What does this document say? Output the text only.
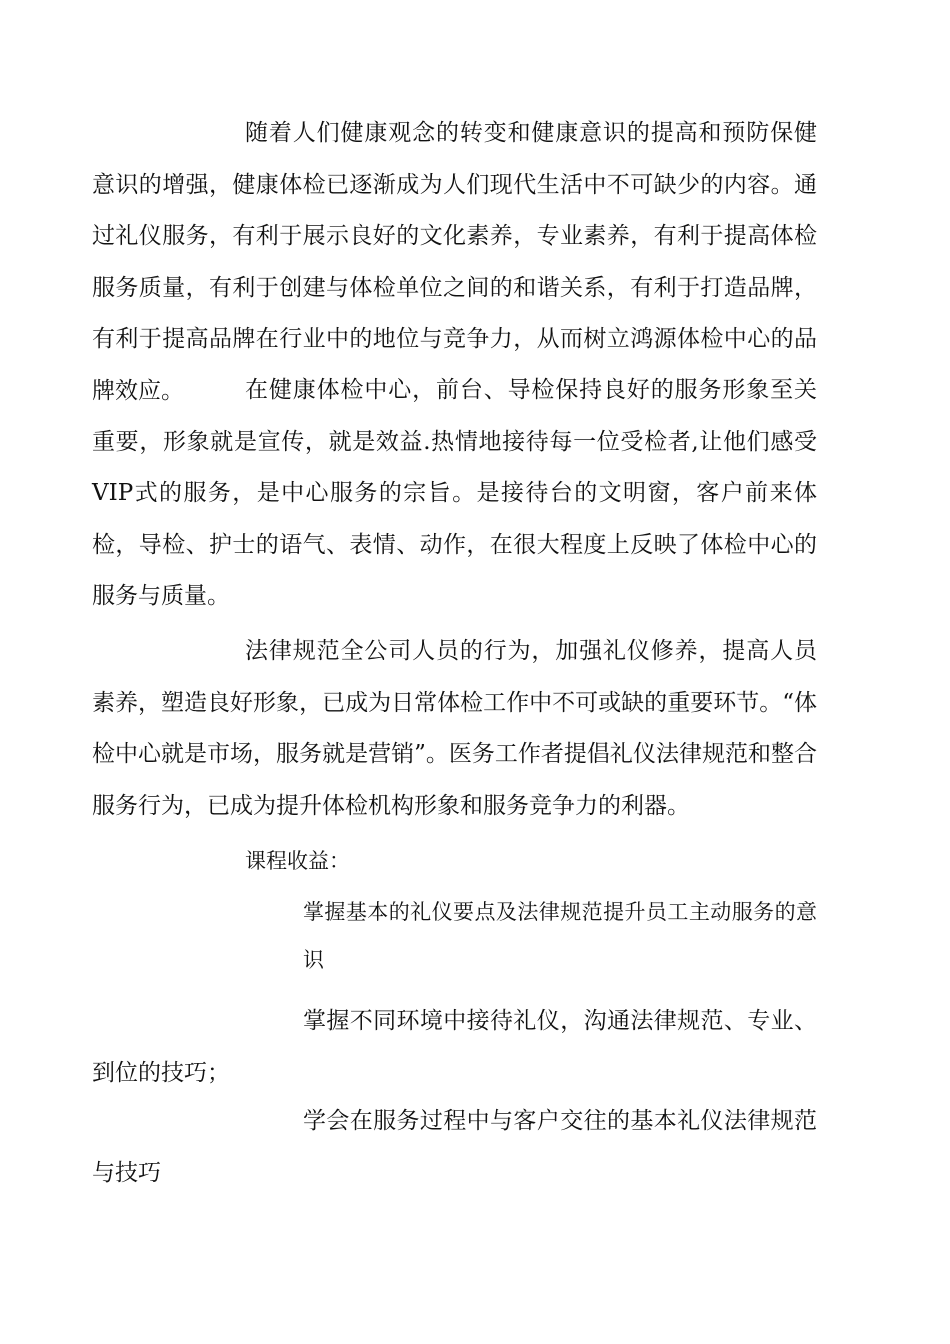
随着人们健康观念的转变和健康意识的提高和预防保健意识的增强，健康体检已逐渐成为人们现代生活中不可缺少的内容。通过礼仪服务，有利于展示良好的文化素养，专业素养，有利于提高体检服务质量，有利于创建与体检单位之间的和谐关系，有利于打造品牌，有利于提高品牌在行业中的地位与竞争力，从而树立鸿源体检中心的品牌效应。	在健康体检中心，前台、导检保持良好的服务形象至关重要，形象就是宣传，就是效益.热情地接待每一位受检者,让他们感受VIP式的服务，是中心服务的宗旨。是接待台的文明窗，客户前来体检，导检、护士的语气、表情、动作，在很大程度上反映了体检中心的服务与质量。

法律规范全公司人员的行为，加强礼仪修养，提高人员素养，塑造良好形象，已成为日常体检工作中不可或缺的重要环节。“体检中心就是市场，服务就是营销”。医务工作者提倡礼仪法律规范和整合服务行为，已成为提升体检机构形象和服务竞争力的利器。

课程收益：

掌握基本的礼仪要点及法律规范提升员工主动服务的意识

掌握不同环境中接待礼仪，沟通法律规范、专业、到位的技巧；

学会在服务过程中与客户交往的基本礼仪法律规范与技巧
